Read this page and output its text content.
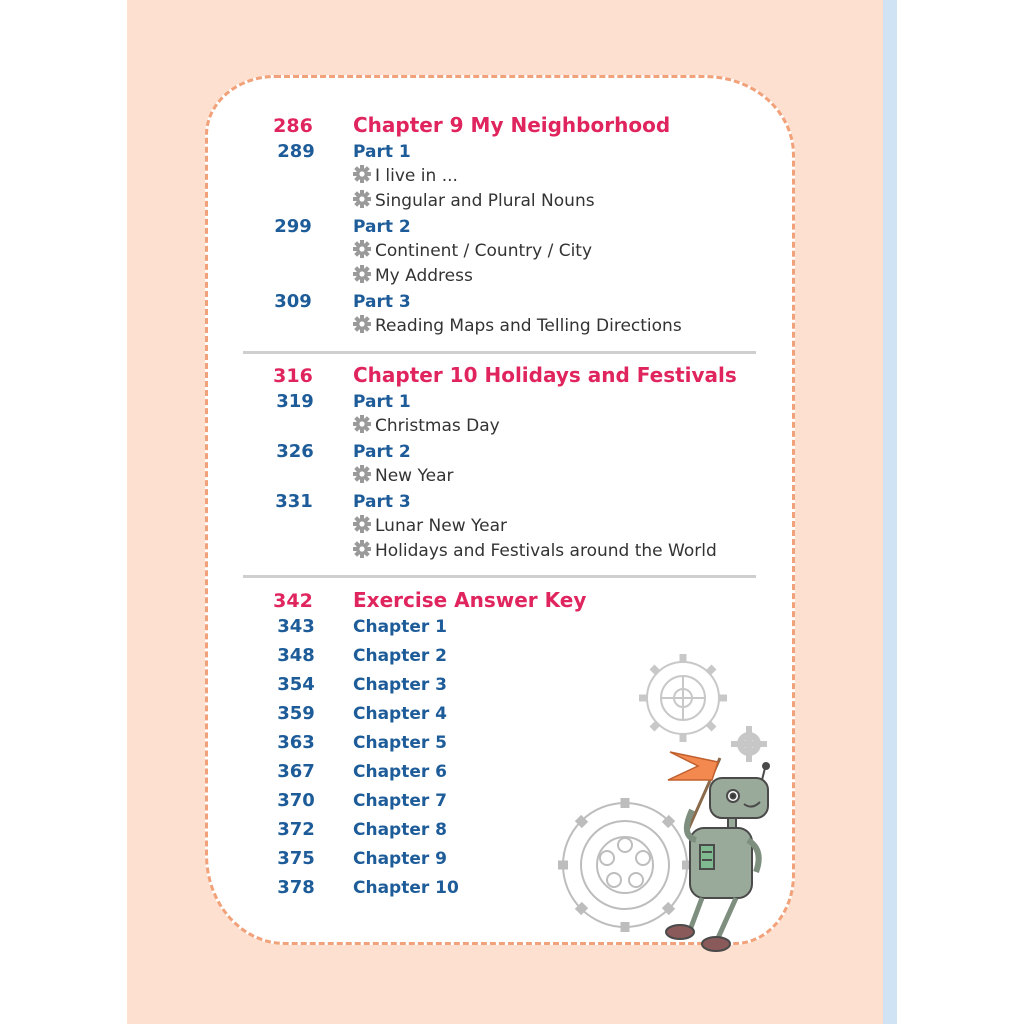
286	Chapter 9 My Neighborhood
289	Part 1
I live in ...
Singular and Plural Nouns
299	Part 2
Continent / Country / City
My Address
309	Part 3
Reading Maps and Telling Directions
316	Chapter 10 Holidays and Festivals
319	Part 1
Christmas Day
326	Part 2
New Year
331	Part 3
Lunar New Year
Holidays and Festivals around the World
342	Exercise Answer Key
343	Chapter 1
348	Chapter 2
354	Chapter 3
359	Chapter 4
363	Chapter 5
367	Chapter 6
370	Chapter 7
372	Chapter 8
375	Chapter 9
378	Chapter 10
